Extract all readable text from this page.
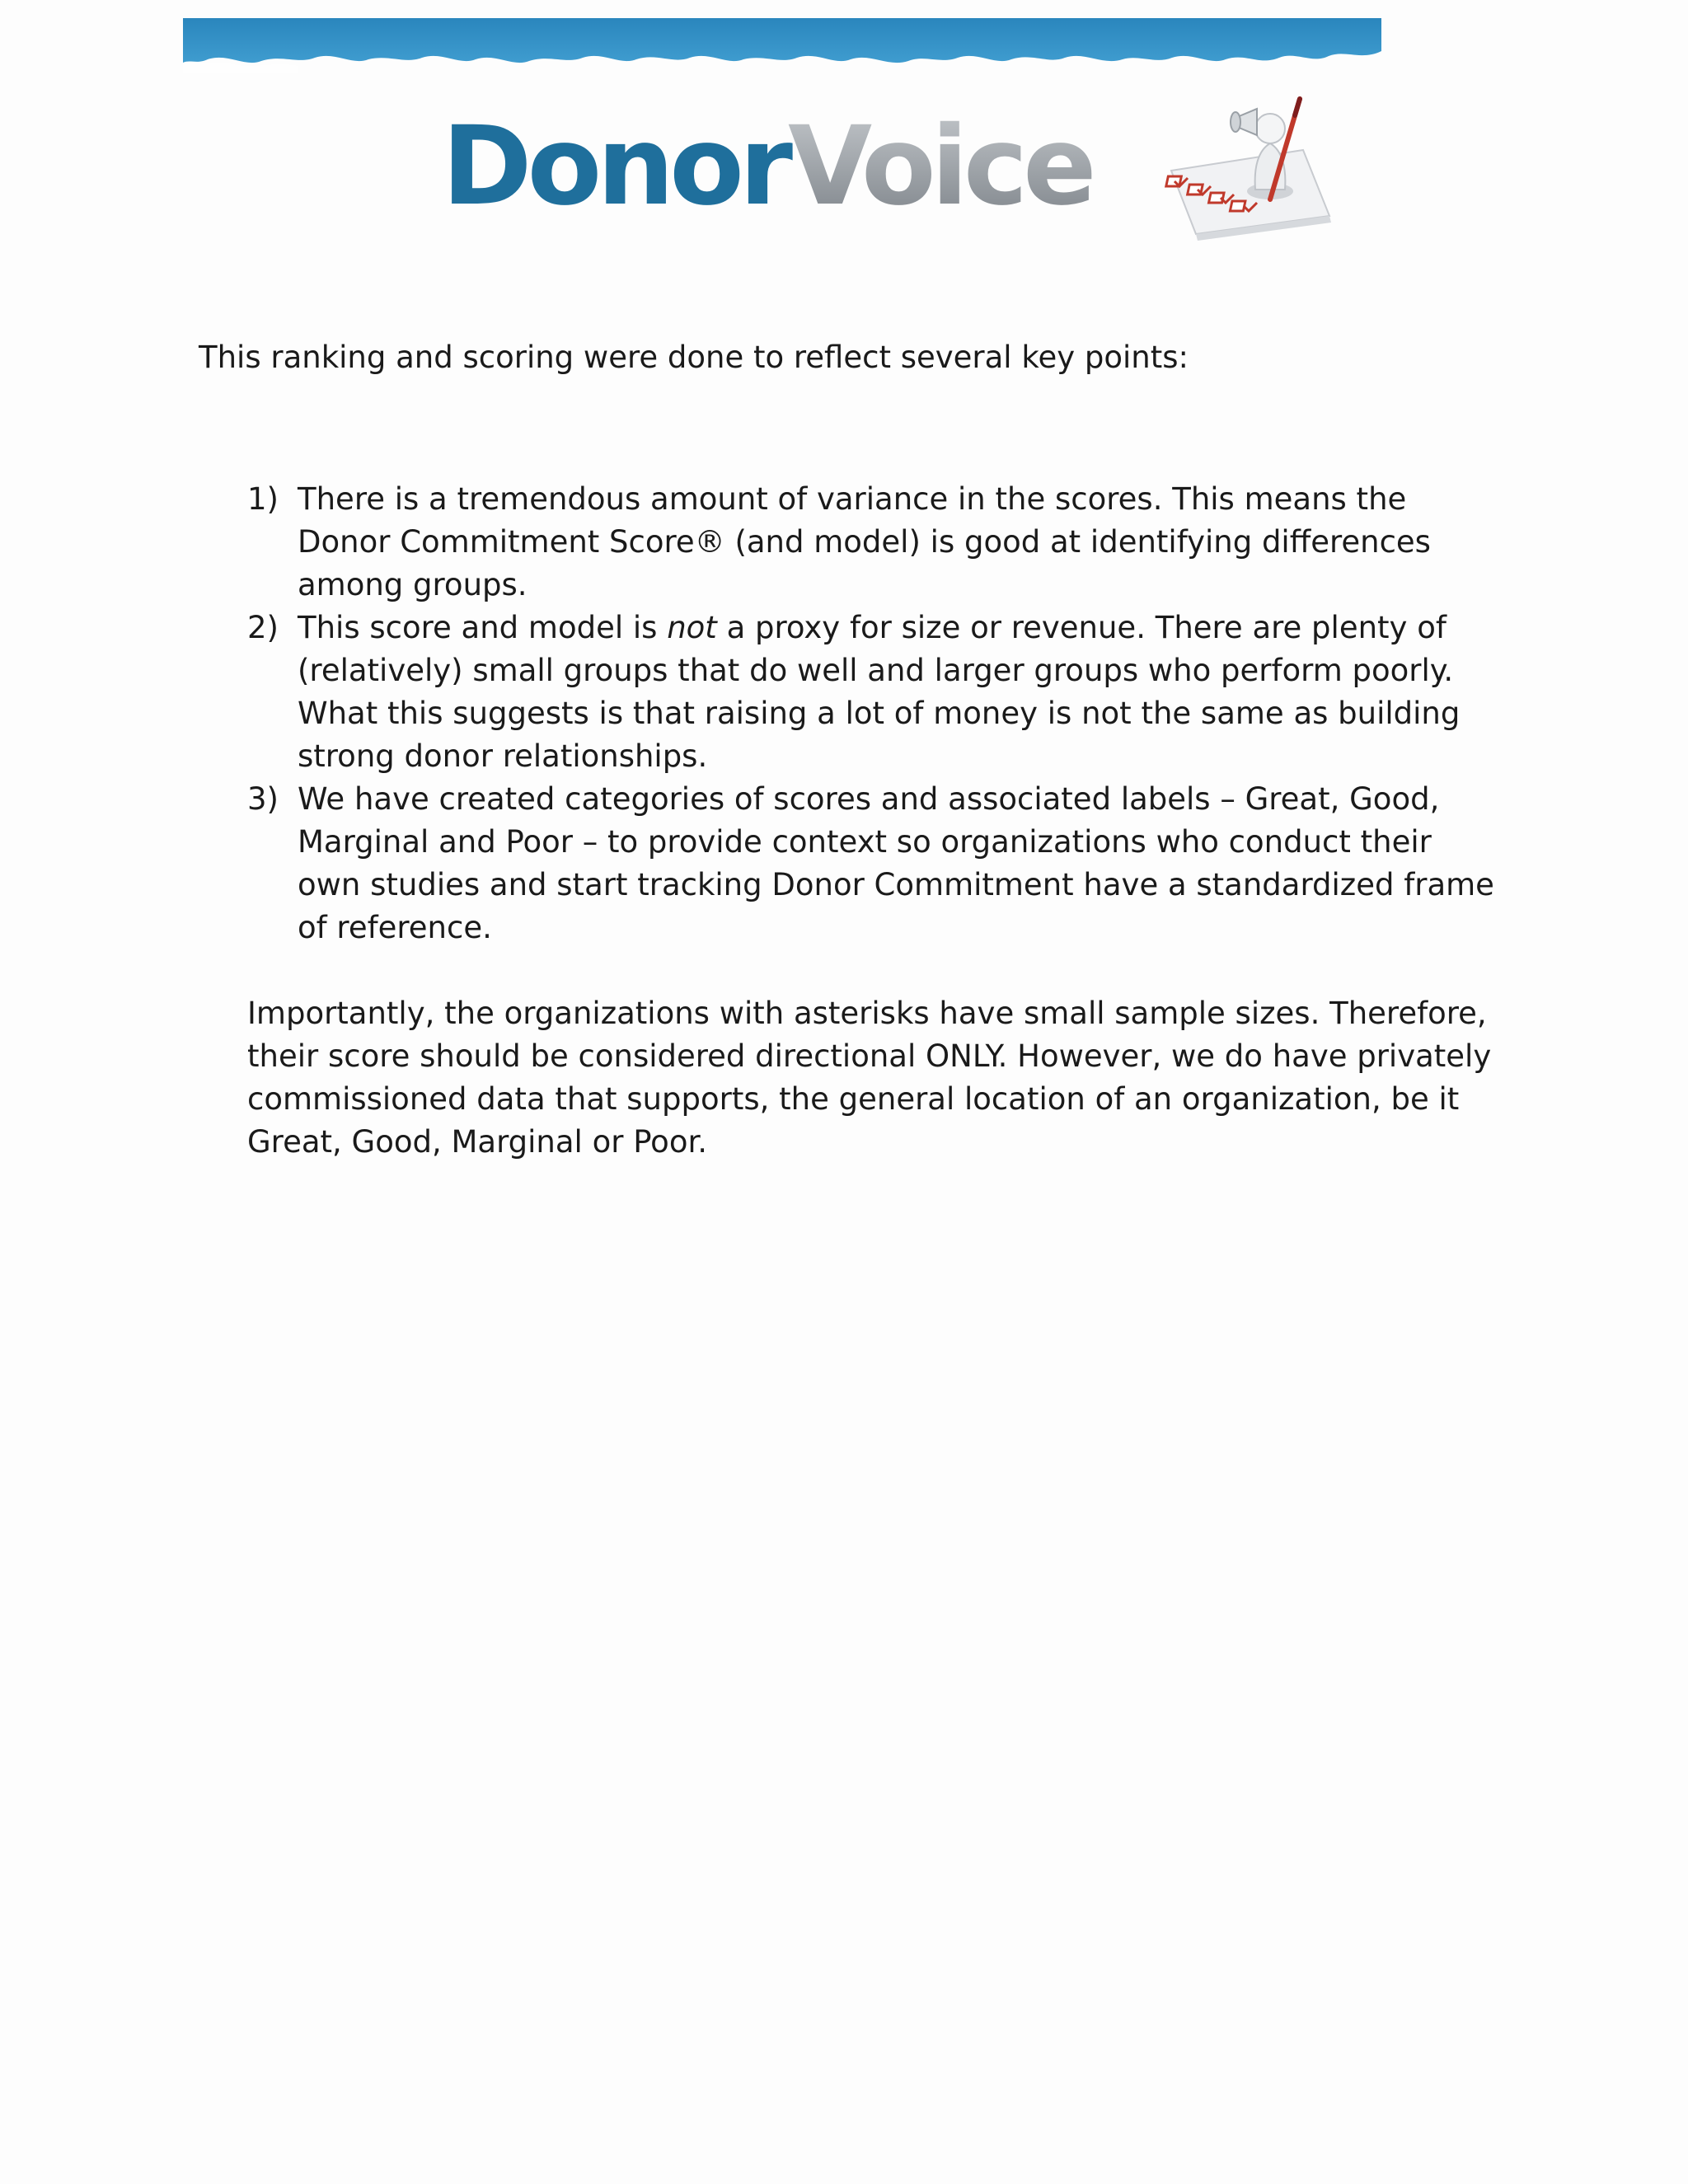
DonorVoice

This ranking and scoring were done to reflect several key points:

1) There is a tremendous amount of variance in the scores. This means the Donor Commitment Score® (and model) is good at identifying differences among groups.
2) This score and model is not a proxy for size or revenue. There are plenty of (relatively) small groups that do well and larger groups who perform poorly. What this suggests is that raising a lot of money is not the same as building strong donor relationships.
3) We have created categories of scores and associated labels – Great, Good, Marginal and Poor – to provide context so organizations who conduct their own studies and start tracking Donor Commitment have a standardized frame of reference.

Importantly, the organizations with asterisks have small sample sizes. Therefore, their score should be considered directional ONLY. However, we do have privately commissioned data that supports, the general location of an organization, be it Great, Good, Marginal or Poor.
